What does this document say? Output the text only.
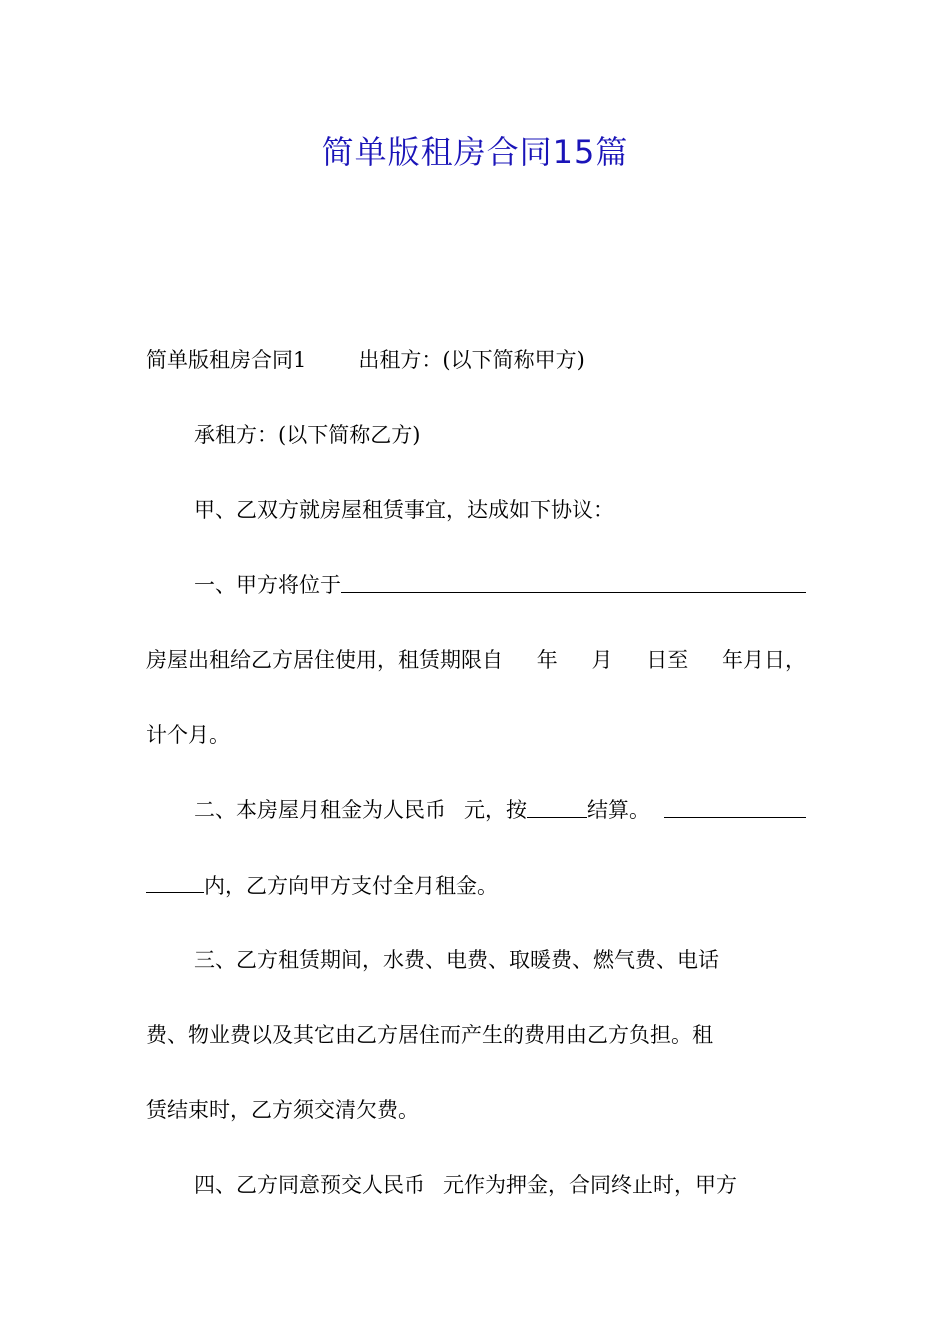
简单版租房合同15篇
简单版租房合同1 出租方：(以下简称甲方)
承租方：(以下简称乙方)
甲、乙双方就房屋租赁事宜，达成如下协议：
一、甲方将位于
房屋出租给乙方居住使用，租赁期限自 年 月 日至 年月日，
计个月。
二、本房屋月租金为人民币 元，按	结算。
内，乙方向甲方支付全月租金。
三、乙方租赁期间，水费、电费、取暖费、燃气费、电话
费、物业费以及其它由乙方居住而产生的费用由乙方负担。租
赁结束时，乙方须交清欠费。
四、乙方同意预交人民币 元作为押金，合同终止时，甲方
